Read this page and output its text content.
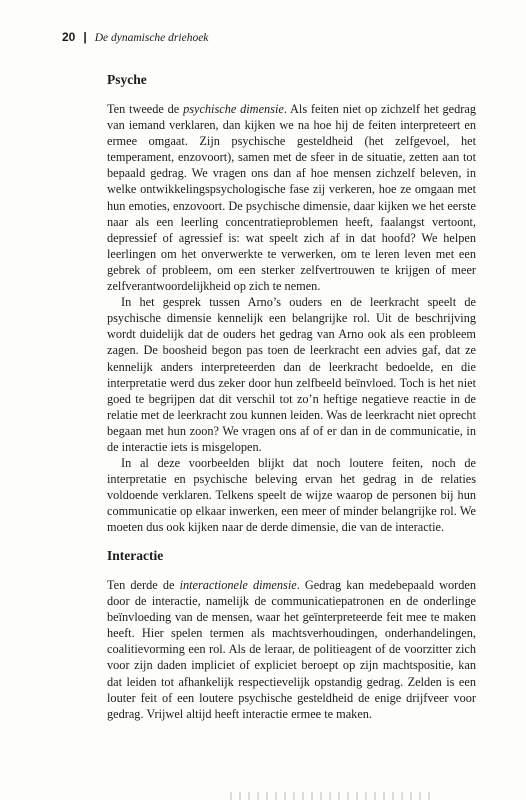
20 | De dynamische driehoek
Psyche

Ten tweede de psychische dimensie. Als feiten niet op zichzelf het gedrag van iemand verklaren, dan kijken we na hoe hij de feiten interpreteert en ermee omgaat. Zijn psychische gesteldheid (het zelfgevoel, het temperament, enzovoort), samen met de sfeer in de situatie, zetten aan tot bepaald gedrag. We vragen ons dan af hoe mensen zichzelf beleven, in welke ontwikkelingspsychologische fase zij verkeren, hoe ze omgaan met hun emoties, enzovoort. De psychische dimensie, daar kijken we het eerste naar als een leerling concentratieproblemen heeft, faalangst vertoont, depressief of agressief is: wat speelt zich af in dat hoofd? We helpen leerlingen om het onverwerkte te verwerken, om te leren leven met een gebrek of probleem, om een sterker zelfvertrouwen te krijgen of meer zelfverantwoordelijkheid op zich te nemen.

In het gesprek tussen Arno’s ouders en de leerkracht speelt de psychische dimensie kennelijk een belangrijke rol. Uit de beschrijving wordt duidelijk dat de ouders het gedrag van Arno ook als een probleem zagen. De boosheid begon pas toen de leerkracht een advies gaf, dat ze kennelijk anders interpreteerden dan de leerkracht bedoelde, en die interpretatie werd dus zeker door hun zelfbeeld beïnvloed. Toch is het niet goed te begrijpen dat dit verschil tot zo’n heftige negatieve reactie in de relatie met de leerkracht zou kunnen leiden. Was de leerkracht niet oprecht begaan met hun zoon? We vragen ons af of er dan in de communicatie, in de interactie iets is misgelopen.

In al deze voorbeelden blijkt dat noch loutere feiten, noch de interpretatie en psychische beleving ervan het gedrag in de relaties voldoende verklaren. Telkens speelt de wijze waarop de personen bij hun communicatie op elkaar inwerken, een meer of minder belangrijke rol. We moeten dus ook kijken naar de derde dimensie, die van de interactie.

Interactie

Ten derde de interactionele dimensie. Gedrag kan medebepaald worden door de interactie, namelijk de communicatiepatronen en de onderlinge beïnvloeding van de mensen, waar het geïnterpreteerde feit mee te maken heeft. Hier spelen termen als machtsverhoudingen, onderhandelingen, coalitievorming een rol. Als de leraar, de politieagent of de voorzitter zich voor zijn daden impliciet of expliciet beroept op zijn machtspositie, kan dat leiden tot afhankelijk respectievelijk opstandig gedrag. Zelden is een louter feit of een loutere psychische gesteldheid de enige drijfveer voor gedrag. Vrijwel altijd heeft interactie ermee te maken.
